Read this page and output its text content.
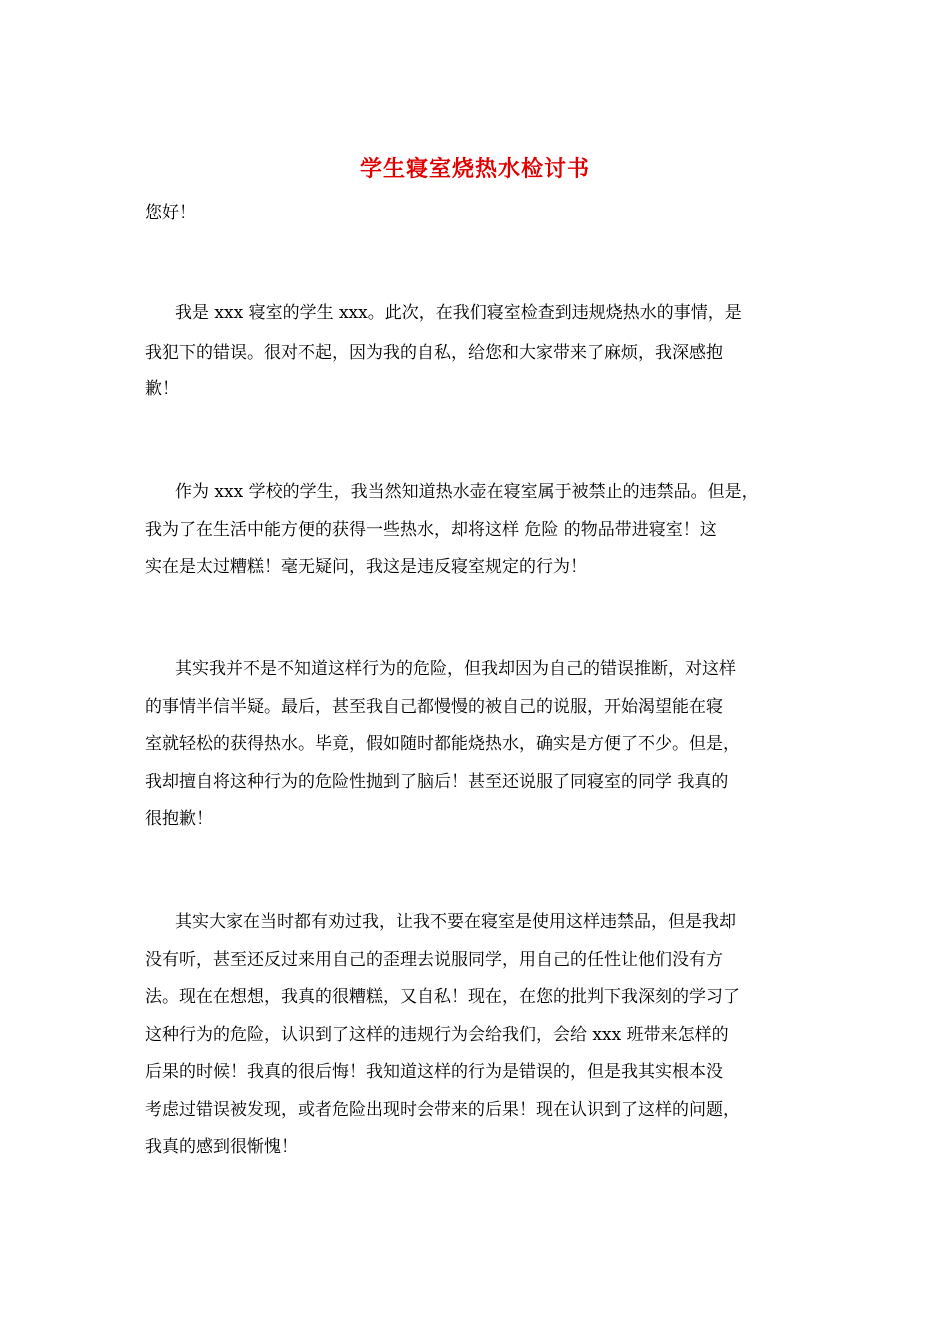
学生寝室烧热水检讨书
您好！
我是 xxx 寝室的学生 xxx。此次，在我们寝室检查到违规烧热水的事情，是
我犯下的错误。很对不起，因为我的自私，给您和大家带来了麻烦，我深感抱
歉！
作为 xxx 学校的学生，我当然知道热水壶在寝室属于被禁止的违禁品。但是，
我为了在生活中能方便的获得一些热水，却将这样 危险 的物品带进寝室！这
实在是太过糟糕！毫无疑问，我这是违反寝室规定的行为！
其实我并不是不知道这样行为的危险，但我却因为自己的错误推断，对这样
的事情半信半疑。最后，甚至我自己都慢慢的被自己的说服，开始渴望能在寝
室就轻松的获得热水。毕竟，假如随时都能烧热水，确实是方便了不少。但是，
我却擅自将这种行为的危险性抛到了脑后！甚至还说服了同寝室的同学 我真的
很抱歉！
其实大家在当时都有劝过我，让我不要在寝室是使用这样违禁品，但是我却
没有听，甚至还反过来用自己的歪理去说服同学，用自己的任性让他们没有方
法。现在在想想，我真的很糟糕，又自私！现在，在您的批判下我深刻的学习了
这种行为的危险，认识到了这样的违规行为会给我们，会给 xxx 班带来怎样的
后果的时候！我真的很后悔！我知道这样的行为是错误的，但是我其实根本没
考虑过错误被发现，或者危险出现时会带来的后果！现在认识到了这样的问题，
我真的感到很惭愧！
